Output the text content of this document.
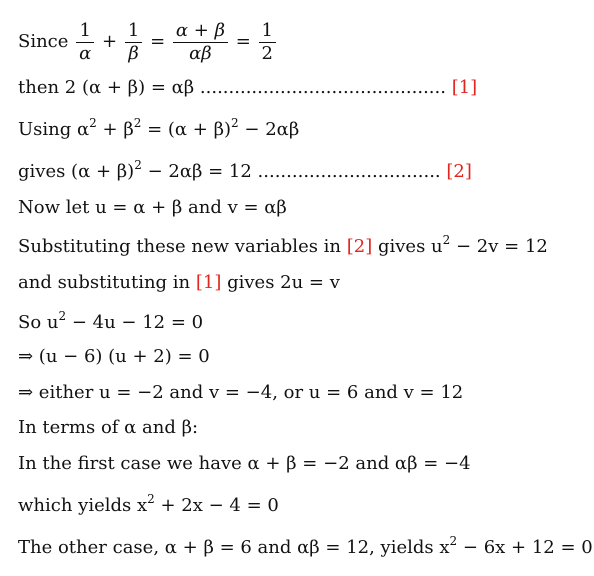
Since $\frac{1}{\alpha} + \frac{1}{\beta} = \frac{\alpha + \beta}{\alpha\beta} = \frac{1}{2}$
then 2 (α + β) = αβ ........................................... [1]
Using $\alpha^2 + \beta^2 = (\alpha + \beta)^2 - 2\alpha\beta$
gives $(\alpha + \beta)^2 - 2\alpha\beta = 12$ ................................ [2]
Now let u = α + β and v = αβ
Substituting these new variables in [2] gives $u^2 - 2v = 12$
and substituting in [1] gives 2u = v
So $u^2 - 4u - 12 = 0$
⇒ (u − 6) (u + 2) = 0
⇒ either u = −2 and v = −4, or u = 6 and v = 12
In terms of α and β:
In the first case we have α + β = −2 and αβ = −4
which yields $x^2 + 2x - 4 = 0$
The other case, α + β = 6 and αβ = 12, yields $x^2 - 6x + 12 = 0$
